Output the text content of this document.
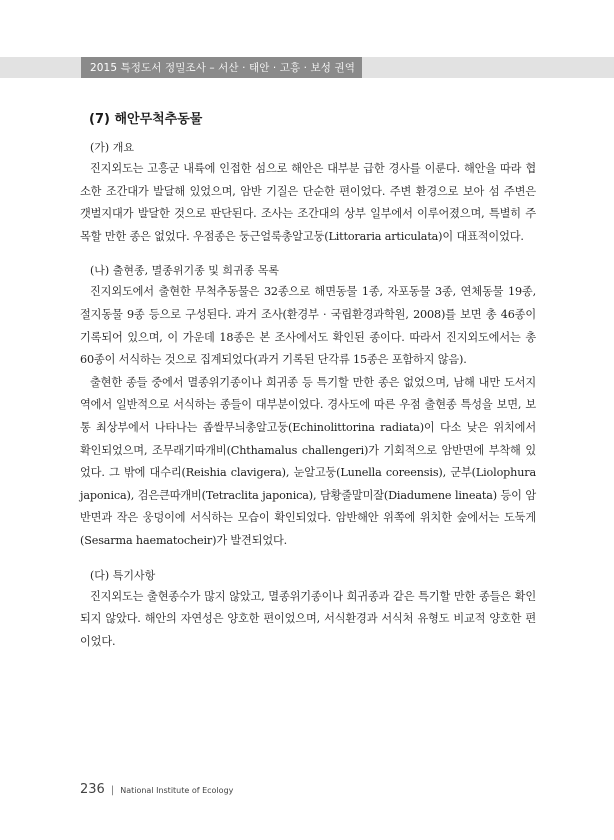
2015 특정도서 정밀조사 – 서산 · 태안 · 고흥 · 보성 권역
(7) 해안무척추동물

(가) 개요

진지외도는 고흥군 내륙에 인접한 섬으로 해안은 대부분 급한 경사를 이룬다. 해안을 따라 협소한 조간대가 발달해 있었으며, 암반 기질은 단순한 편이었다. 주변 환경으로 보아 섬 주변은 갯벌지대가 발달한 것으로 판단된다. 조사는 조간대의 상부 일부에서 이루어졌으며, 특별히 주목할 만한 종은 없었다. 우점종은 둥근얼룩총알고둥(Littoraria articulata)이 대표적이었다.

(나) 출현종, 멸종위기종 및 희귀종 목록

진지외도에서 출현한 무척추동물은 32종으로 해면동물 1종, 자포동물 3종, 연체동물 19종, 절지동물 9종 등으로 구성된다. 과거 조사(환경부 · 국립환경과학원, 2008)를 보면 총 46종이 기록되어 있으며, 이 가운데 18종은 본 조사에서도 확인된 종이다. 따라서 진지외도에서는 총 60종이 서식하는 것으로 집계되었다(과거 기록된 단각류 15종은 포함하지 않음).

출현한 종들 중에서 멸종위기종이나 희귀종 등 특기할 만한 종은 없었으며, 남해 내만 도서지역에서 일반적으로 서식하는 종들이 대부분이었다. 경사도에 따른 우점 출현종 특성을 보면, 보통 최상부에서 나타나는 좁쌀무늬총알고둥(Echinolittorina radiata)이 다소 낮은 위치에서 확인되었으며, 조무래기따개비(Chthamalus challengeri)가 기회적으로 암반면에 부착해 있었다. 그 밖에 대수리(Reishia clavigera), 눈알고둥(Lunella coreensis), 군부(Liolophura japonica), 검은큰따개비(Tetraclita japonica), 담황줄말미잘(Diadumene lineata) 등이 암반면과 작은 웅덩이에 서식하는 모습이 확인되었다. 암반해안 위쪽에 위치한 숲에서는 도둑게(Sesarma haematocheir)가 발견되었다.

(다) 특기사항

진지외도는 출현종수가 많지 않았고, 멸종위기종이나 희귀종과 같은 특기할 만한 종들은 확인되지 않았다. 해안의 자연성은 양호한 편이었으며, 서식환경과 서식처 유형도 비교적 양호한 편이었다.

236 | National Institute of Ecology
